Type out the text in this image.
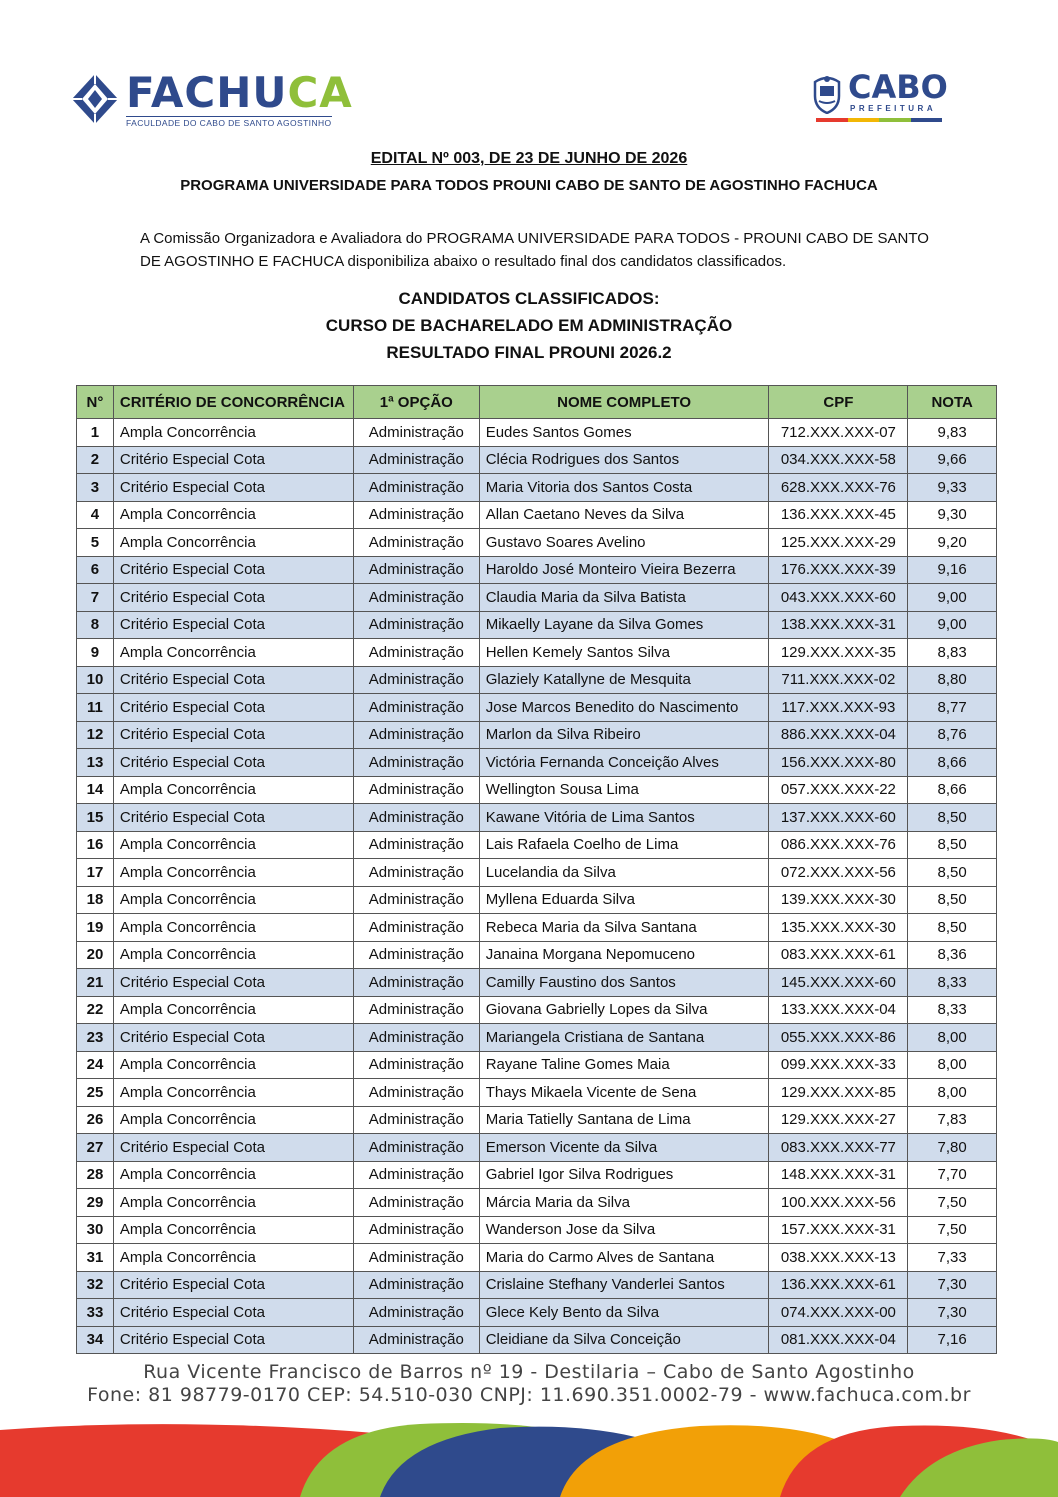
FACHUCA
FACULDADE DO CABO DE SANTO AGOSTINHO
CABO
PREFEITURA
EDITAL Nº 003, DE 23 DE JUNHO DE 2026
PROGRAMA UNIVERSIDADE PARA TODOS PROUNI CABO DE SANTO DE AGOSTINHO FACHUCA
A Comissão Organizadora e Avaliadora do PROGRAMA UNIVERSIDADE PARA TODOS - PROUNI CABO DE SANTO
DE AGOSTINHO E FACHUCA disponibiliza abaixo o resultado final dos candidatos classificados.
CANDIDATOS CLASSIFICADOS:
CURSO DE BACHARELADO EM ADMINISTRAÇÃO
RESULTADO FINAL PROUNI 2026.2
N°	CRITÉRIO DE CONCORRÊNCIA	1ª OPÇÃO	NOME COMPLETO	CPF	NOTA
1	Ampla Concorrência	Administração	Eudes Santos Gomes	712.XXX.XXX-07	9,83
2	Critério Especial Cota	Administração	Clécia Rodrigues dos Santos	034.XXX.XXX-58	9,66
3	Critério Especial Cota	Administração	Maria Vitoria dos Santos Costa	628.XXX.XXX-76	9,33
4	Ampla Concorrência	Administração	Allan Caetano Neves da Silva	136.XXX.XXX-45	9,30
5	Ampla Concorrência	Administração	Gustavo Soares Avelino	125.XXX.XXX-29	9,20
6	Critério Especial Cota	Administração	Haroldo José Monteiro Vieira Bezerra	176.XXX.XXX-39	9,16
7	Critério Especial Cota	Administração	Claudia Maria da Silva Batista	043.XXX.XXX-60	9,00
8	Critério Especial Cota	Administração	Mikaelly Layane da Silva Gomes	138.XXX.XXX-31	9,00
9	Ampla Concorrência	Administração	Hellen Kemely Santos Silva	129.XXX.XXX-35	8,83
10	Critério Especial Cota	Administração	Glaziely Katallyne de Mesquita	711.XXX.XXX-02	8,80
11	Critério Especial Cota	Administração	Jose Marcos Benedito do Nascimento	117.XXX.XXX-93	8,77
12	Critério Especial Cota	Administração	Marlon da Silva Ribeiro	886.XXX.XXX-04	8,76
13	Critério Especial Cota	Administração	Victória Fernanda Conceição Alves	156.XXX.XXX-80	8,66
14	Ampla Concorrência	Administração	Wellington Sousa Lima	057.XXX.XXX-22	8,66
15	Critério Especial Cota	Administração	Kawane Vitória de Lima Santos	137.XXX.XXX-60	8,50
16	Ampla Concorrência	Administração	Lais Rafaela Coelho de Lima	086.XXX.XXX-76	8,50
17	Ampla Concorrência	Administração	Lucelandia da Silva	072.XXX.XXX-56	8,50
18	Ampla Concorrência	Administração	Myllena Eduarda Silva	139.XXX.XXX-30	8,50
19	Ampla Concorrência	Administração	Rebeca Maria da Silva Santana	135.XXX.XXX-30	8,50
20	Ampla Concorrência	Administração	Janaina Morgana Nepomuceno	083.XXX.XXX-61	8,36
21	Critério Especial Cota	Administração	Camilly Faustino dos Santos	145.XXX.XXX-60	8,33
22	Ampla Concorrência	Administração	Giovana Gabrielly Lopes da Silva	133.XXX.XXX-04	8,33
23	Critério Especial Cota	Administração	Mariangela Cristiana de Santana	055.XXX.XXX-86	8,00
24	Ampla Concorrência	Administração	Rayane Taline Gomes Maia	099.XXX.XXX-33	8,00
25	Ampla Concorrência	Administração	Thays Mikaela Vicente de Sena	129.XXX.XXX-85	8,00
26	Ampla Concorrência	Administração	Maria Tatielly Santana de Lima	129.XXX.XXX-27	7,83
27	Critério Especial Cota	Administração	Emerson Vicente da Silva	083.XXX.XXX-77	7,80
28	Ampla Concorrência	Administração	Gabriel Igor Silva Rodrigues	148.XXX.XXX-31	7,70
29	Ampla Concorrência	Administração	Márcia Maria da Silva	100.XXX.XXX-56	7,50
30	Ampla Concorrência	Administração	Wanderson Jose da Silva	157.XXX.XXX-31	7,50
31	Ampla Concorrência	Administração	Maria do Carmo Alves de Santana	038.XXX.XXX-13	7,33
32	Critério Especial Cota	Administração	Crislaine Stefhany Vanderlei Santos	136.XXX.XXX-61	7,30
33	Critério Especial Cota	Administração	Glece Kely Bento da Silva	074.XXX.XXX-00	7,30
34	Critério Especial Cota	Administração	Cleidiane da Silva Conceição	081.XXX.XXX-04	7,16
Rua Vicente Francisco de Barros nº 19 - Destilaria – Cabo de Santo Agostinho
Fone: 81 98779-0170 CEP: 54.510-030 CNPJ: 11.690.351.0002-79 - www.fachuca.com.br
